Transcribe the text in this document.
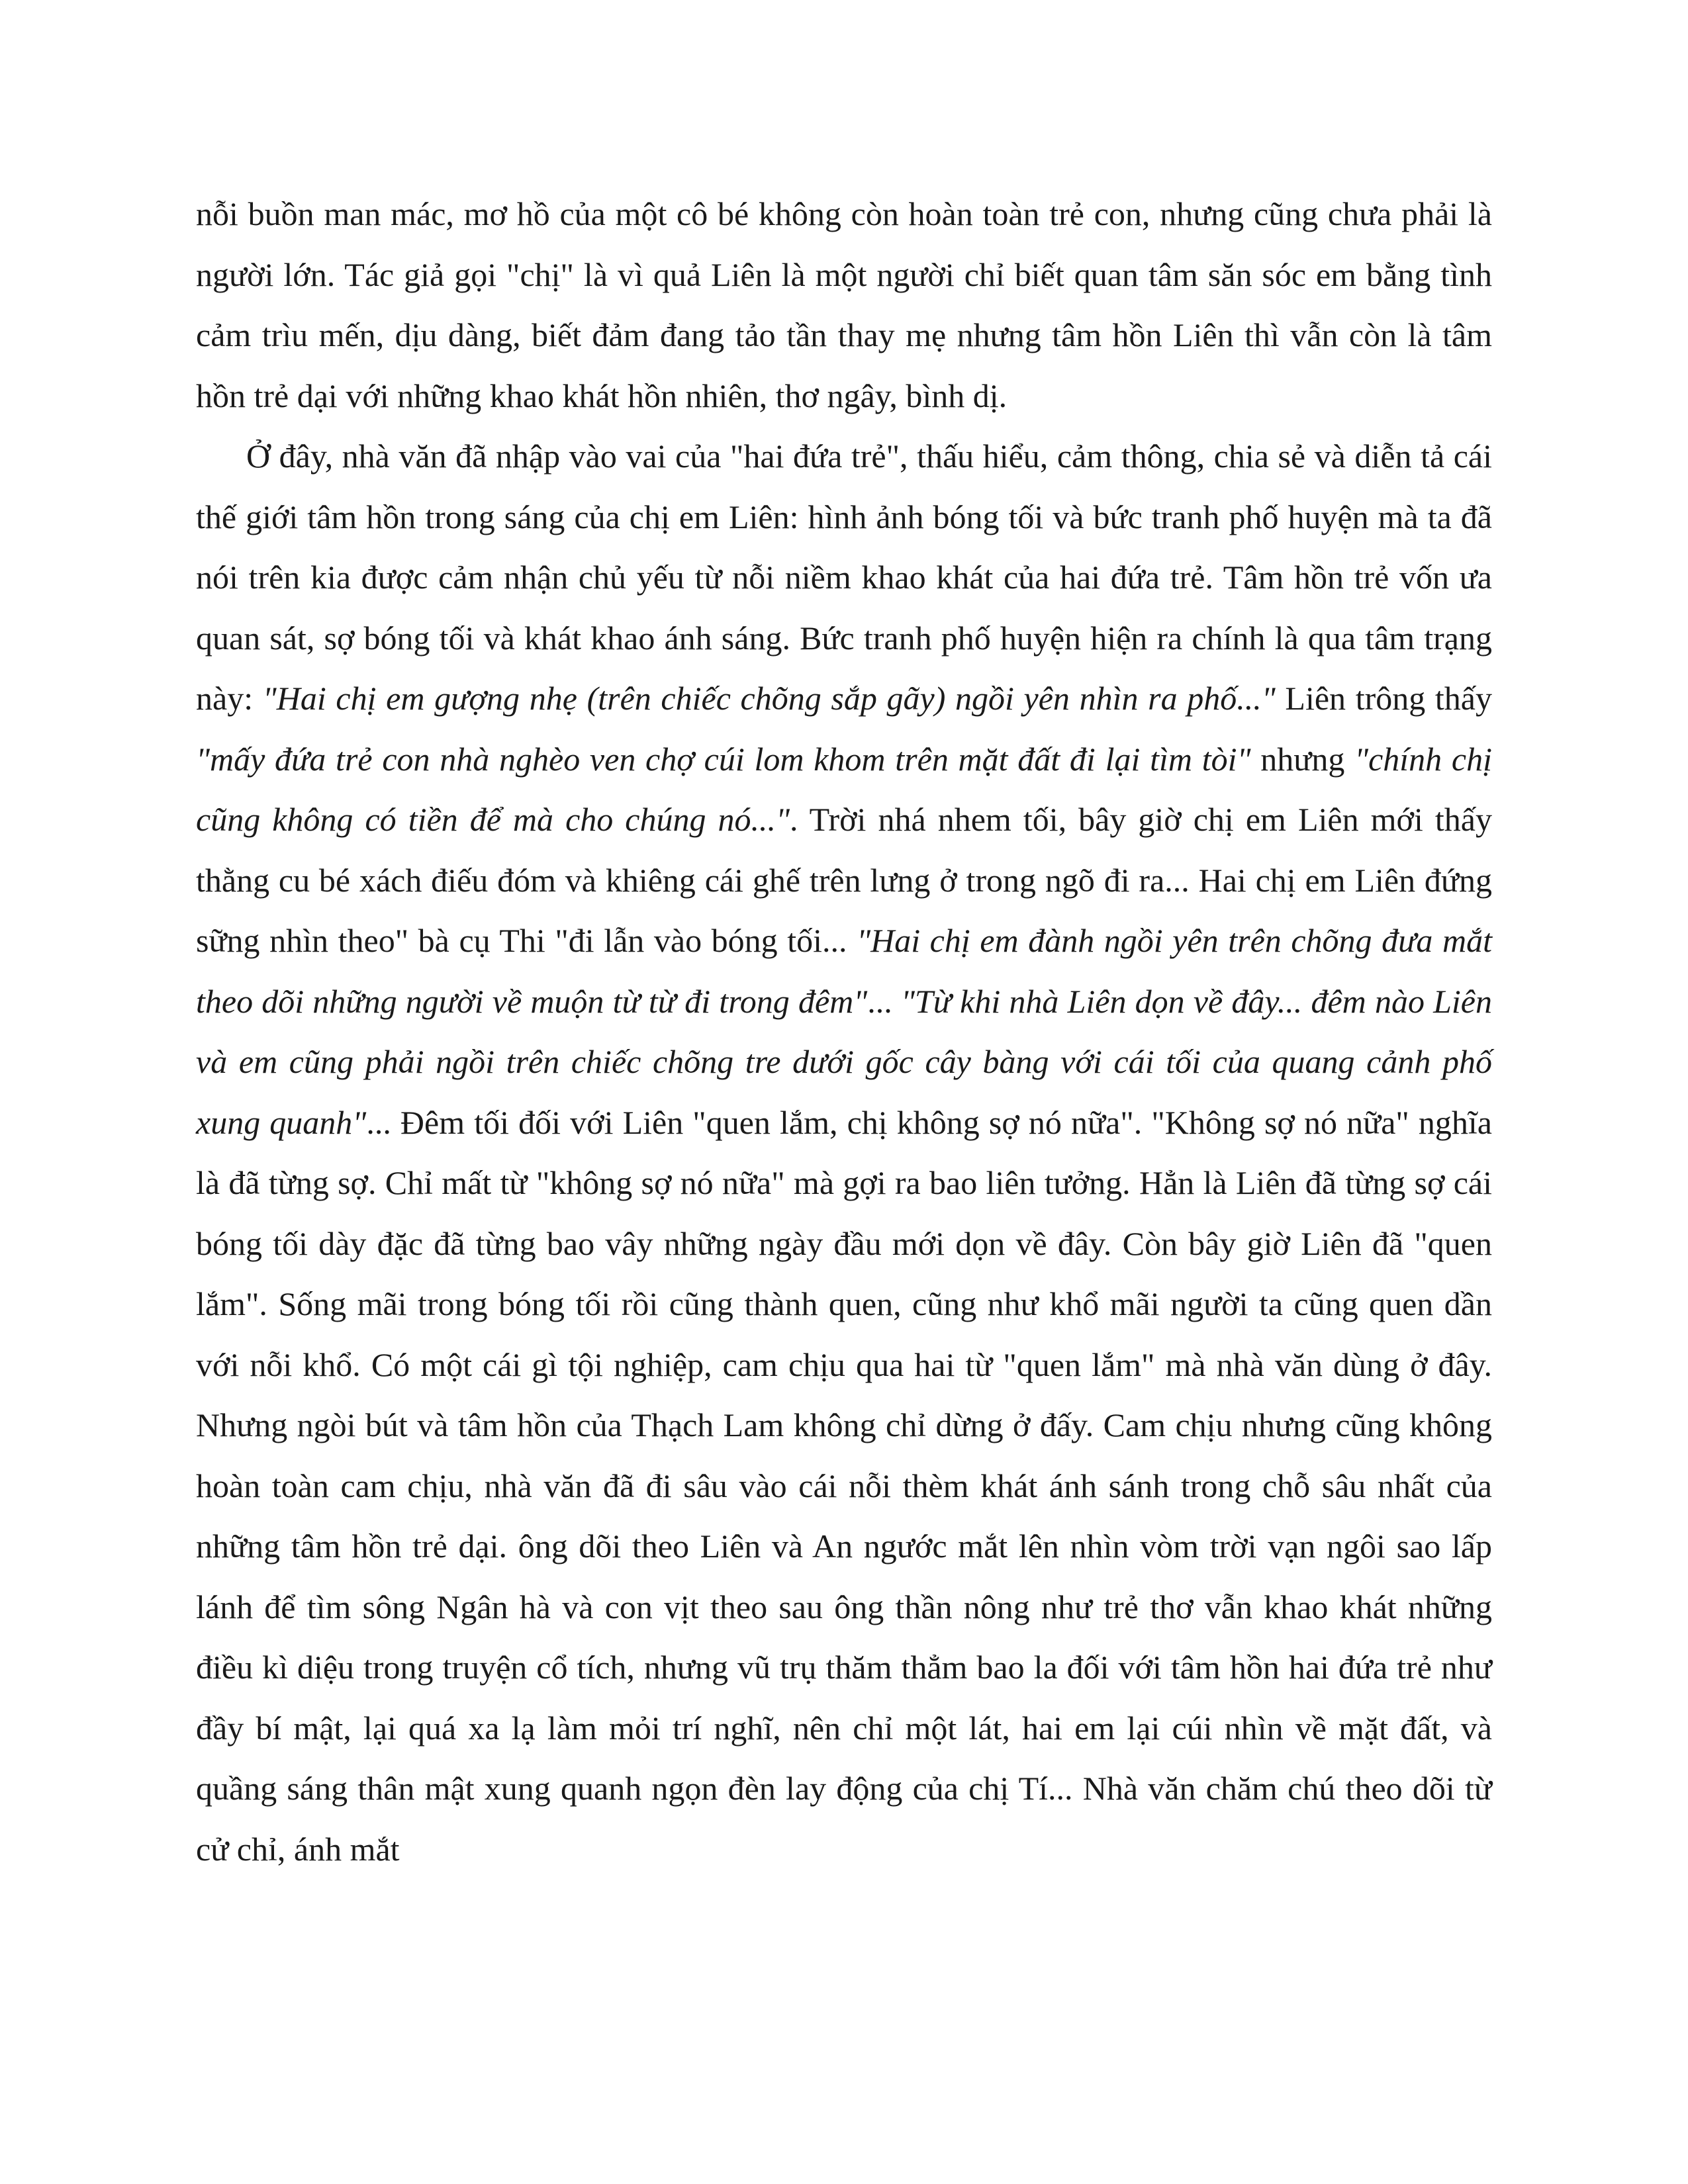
nỗi buồn man mác, mơ hồ của một cô bé không còn hoàn toàn trẻ con, nhưng cũng chưa phải là người lớn. Tác giả gọi "chị" là vì quả Liên là một người chỉ biết quan tâm săn sóc em bằng tình cảm trìu mến, dịu dàng, biết đảm đang tảo tần thay mẹ nhưng tâm hồn Liên thì vẫn còn là tâm hồn trẻ dại với những khao khát hồn nhiên, thơ ngây, bình dị.

Ở đây, nhà văn đã nhập vào vai của "hai đứa trẻ", thấu hiểu, cảm thông, chia sẻ và diễn tả cái thế giới tâm hồn trong sáng của chị em Liên: hình ảnh bóng tối và bức tranh phố huyện mà ta đã nói trên kia được cảm nhận chủ yếu từ nỗi niềm khao khát của hai đứa trẻ. Tâm hồn trẻ vốn ưa quan sát, sợ bóng tối và khát khao ánh sáng. Bức tranh phố huyện hiện ra chính là qua tâm trạng này: "Hai chị em gượng nhẹ (trên chiếc chõng sắp gãy) ngồi yên nhìn ra phố..." Liên trông thấy "mấy đứa trẻ con nhà nghèo ven chợ cúi lom khom trên mặt đất đi lại tìm tòi" nhưng "chính chị cũng không có tiền để mà cho chúng nó...". Trời nhá nhem tối, bây giờ chị em Liên mới thấy thằng cu bé xách điếu đóm và khiêng cái ghế trên lưng ở trong ngõ đi ra... Hai chị em Liên đứng sững nhìn theo" bà cụ Thi "đi lẫn vào bóng tối... "Hai chị em đành ngồi yên trên chõng đưa mắt theo dõi những người về muộn từ từ đi trong đêm"... "Từ khi nhà Liên dọn về đây... đêm nào Liên và em cũng phải ngồi trên chiếc chõng tre dưới gốc cây bàng với cái tối của quang cảnh phố xung quanh"... Đêm tối đối với Liên "quen lắm, chị không sợ nó nữa". "Không sợ nó nữa" nghĩa là đã từng sợ. Chỉ mất từ "không sợ nó nữa" mà gợi ra bao liên tưởng. Hẳn là Liên đã từng sợ cái bóng tối dày đặc đã từng bao vây những ngày đầu mới dọn về đây. Còn bây giờ Liên đã "quen lắm". Sống mãi trong bóng tối rồi cũng thành quen, cũng như khổ mãi người ta cũng quen dần với nỗi khổ. Có một cái gì tội nghiệp, cam chịu qua hai từ "quen lắm" mà nhà văn dùng ở đây. Nhưng ngòi bút và tâm hồn của Thạch Lam không chỉ dừng ở đấy. Cam chịu nhưng cũng không hoàn toàn cam chịu, nhà văn đã đi sâu vào cái nỗi thèm khát ánh sánh trong chỗ sâu nhất của những tâm hồn trẻ dại. ông dõi theo Liên và An ngước mắt lên nhìn vòm trời vạn ngôi sao lấp lánh để tìm sông Ngân hà và con vịt theo sau ông thần nông như trẻ thơ vẫn khao khát những điều kì diệu trong truyện cổ tích, nhưng vũ trụ thăm thẳm bao la đối với tâm hồn hai đứa trẻ như đầy bí mật, lại quá xa lạ làm mỏi trí nghĩ, nên chỉ một lát, hai em lại cúi nhìn về mặt đất, và quầng sáng thân mật xung quanh ngọn đèn lay động của chị Tí... Nhà văn chăm chú theo dõi từ cử chỉ, ánh mắt
